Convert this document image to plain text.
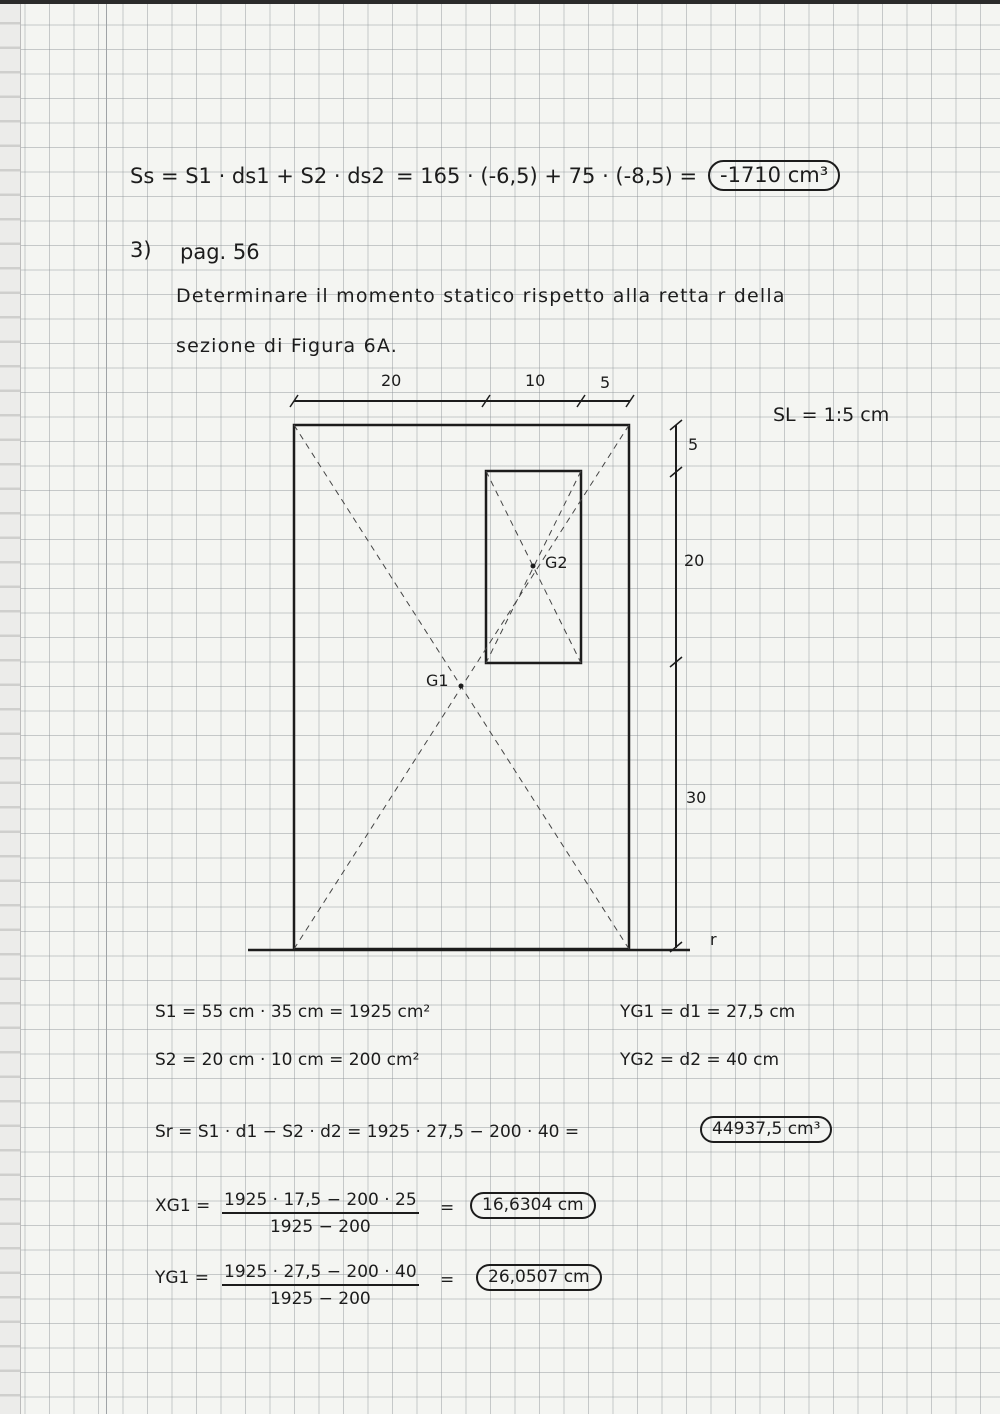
Ss = S1 · ds1 + S2 · ds2 = 165 · (-6,5) + 75 · (-8,5) =	-1710 cm³
3) pag. 56
Determinare il momento statico rispetto alla retta r della
sezione di Figura 6A.
20	10	5
SL = 1:5 cm
5
20
30
r
G1
G2
S1 = 55 cm · 35 cm = 1925 cm²
S2 = 20 cm · 10 cm = 200 cm²
YG1 = d1 = 27,5 cm
YG2 = d2 = 40 cm
Sr = S1 · d1 − S2 · d2 = 1925 · 27,5 − 200 · 40 =	44937,5 cm³
$XG1 = \frac{1925 \cdot 17,5 - 200 \cdot 25}{1925 - 200}$ =	16,6304 cm
$YG1 = \frac{1925 \cdot 27,5 - 200 \cdot 40}{1925 - 200}$ =	26,0507 cm
